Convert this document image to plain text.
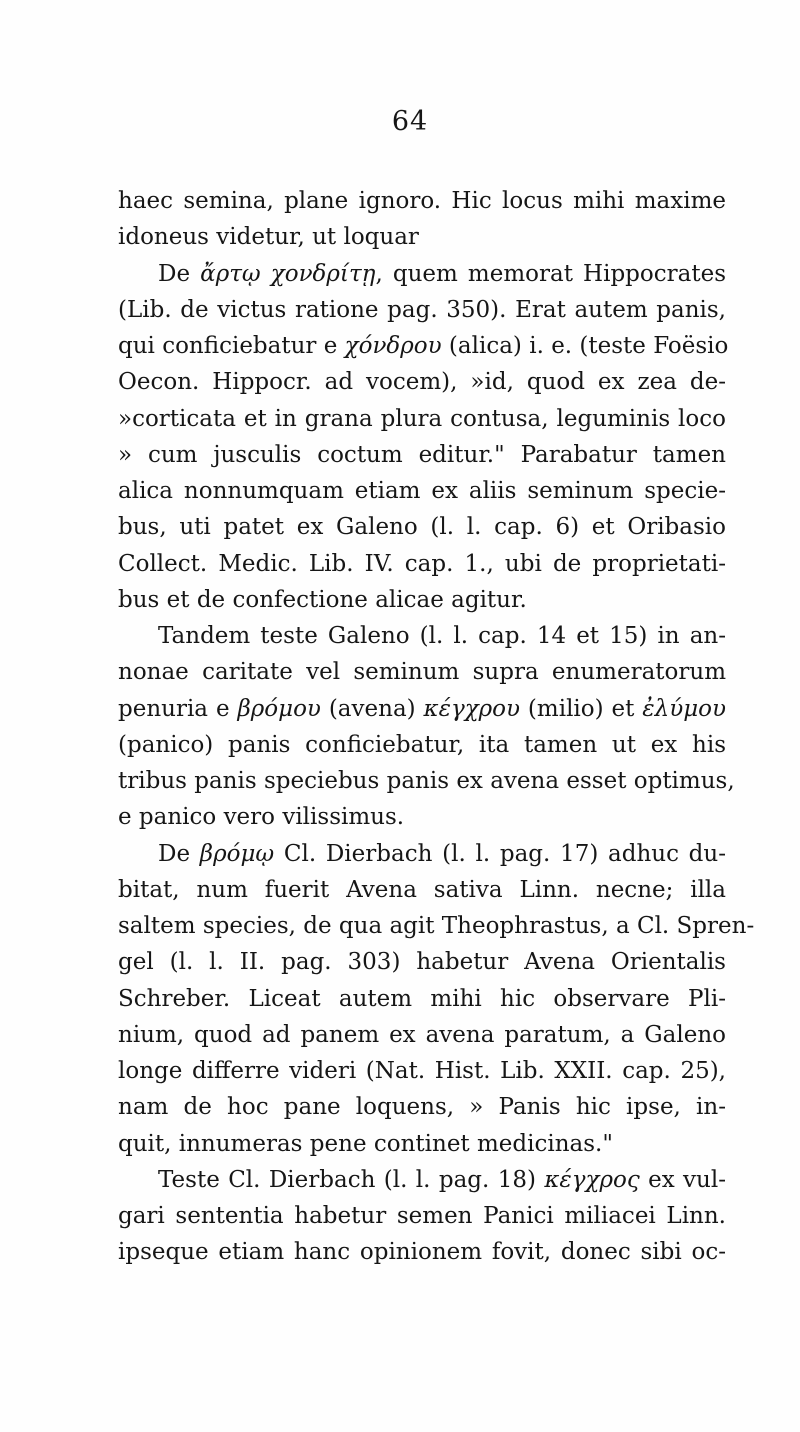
64
haec semina, plane ignoro. Hic locus mihi maxime
idoneus videtur, ut loquar
De ἄρτῳ χονδρίτῃ, quem memorat Hippocrates
(Lib. de victus ratione pag. 350). Erat autem panis,
qui conficiebatur e χόνδρου (alica) i. e. (teste Foësio
Oecon. Hippocr. ad vocem), »id, quod ex zea de-
»corticata et in grana plura contusa, leguminis loco
» cum jusculis coctum editur." Parabatur tamen
alica nonnumquam etiam ex aliis seminum specie-
bus, uti patet ex Galeno (l. l. cap. 6) et Oribasio
Collect. Medic. Lib. IV. cap. 1., ubi de proprietati-
bus et de confectione alicae agitur.
Tandem teste Galeno (l. l. cap. 14 et 15) in an-
nonae caritate vel seminum supra enumeratorum
penuria e βρόμου (avena) κέγχρου (milio) et ἐλύμου
(panico) panis conficiebatur, ita tamen ut ex his
tribus panis speciebus panis ex avena esset optimus,
e panico vero vilissimus.
De βρόμῳ Cl. Dierbach (l. l. pag. 17) adhuc du-
bitat, num fuerit Avena sativa Linn. necne; illa
saltem species, de qua agit Theophrastus, a Cl. Spren-
gel (l. l. II. pag. 303) habetur Avena Orientalis
Schreber. Liceat autem mihi hic observare Pli-
nium, quod ad panem ex avena paratum, a Galeno
longe differre videri (Nat. Hist. Lib. XXII. cap. 25),
nam de hoc pane loquens, » Panis hic ipse, in-
quit, innumeras pene continet medicinas."
Teste Cl. Dierbach (l. l. pag. 18) κέγχρος ex vul-
gari sententia habetur semen Panici miliacei Linn.
ipseque etiam hanc opinionem fovit, donec sibi oc-
